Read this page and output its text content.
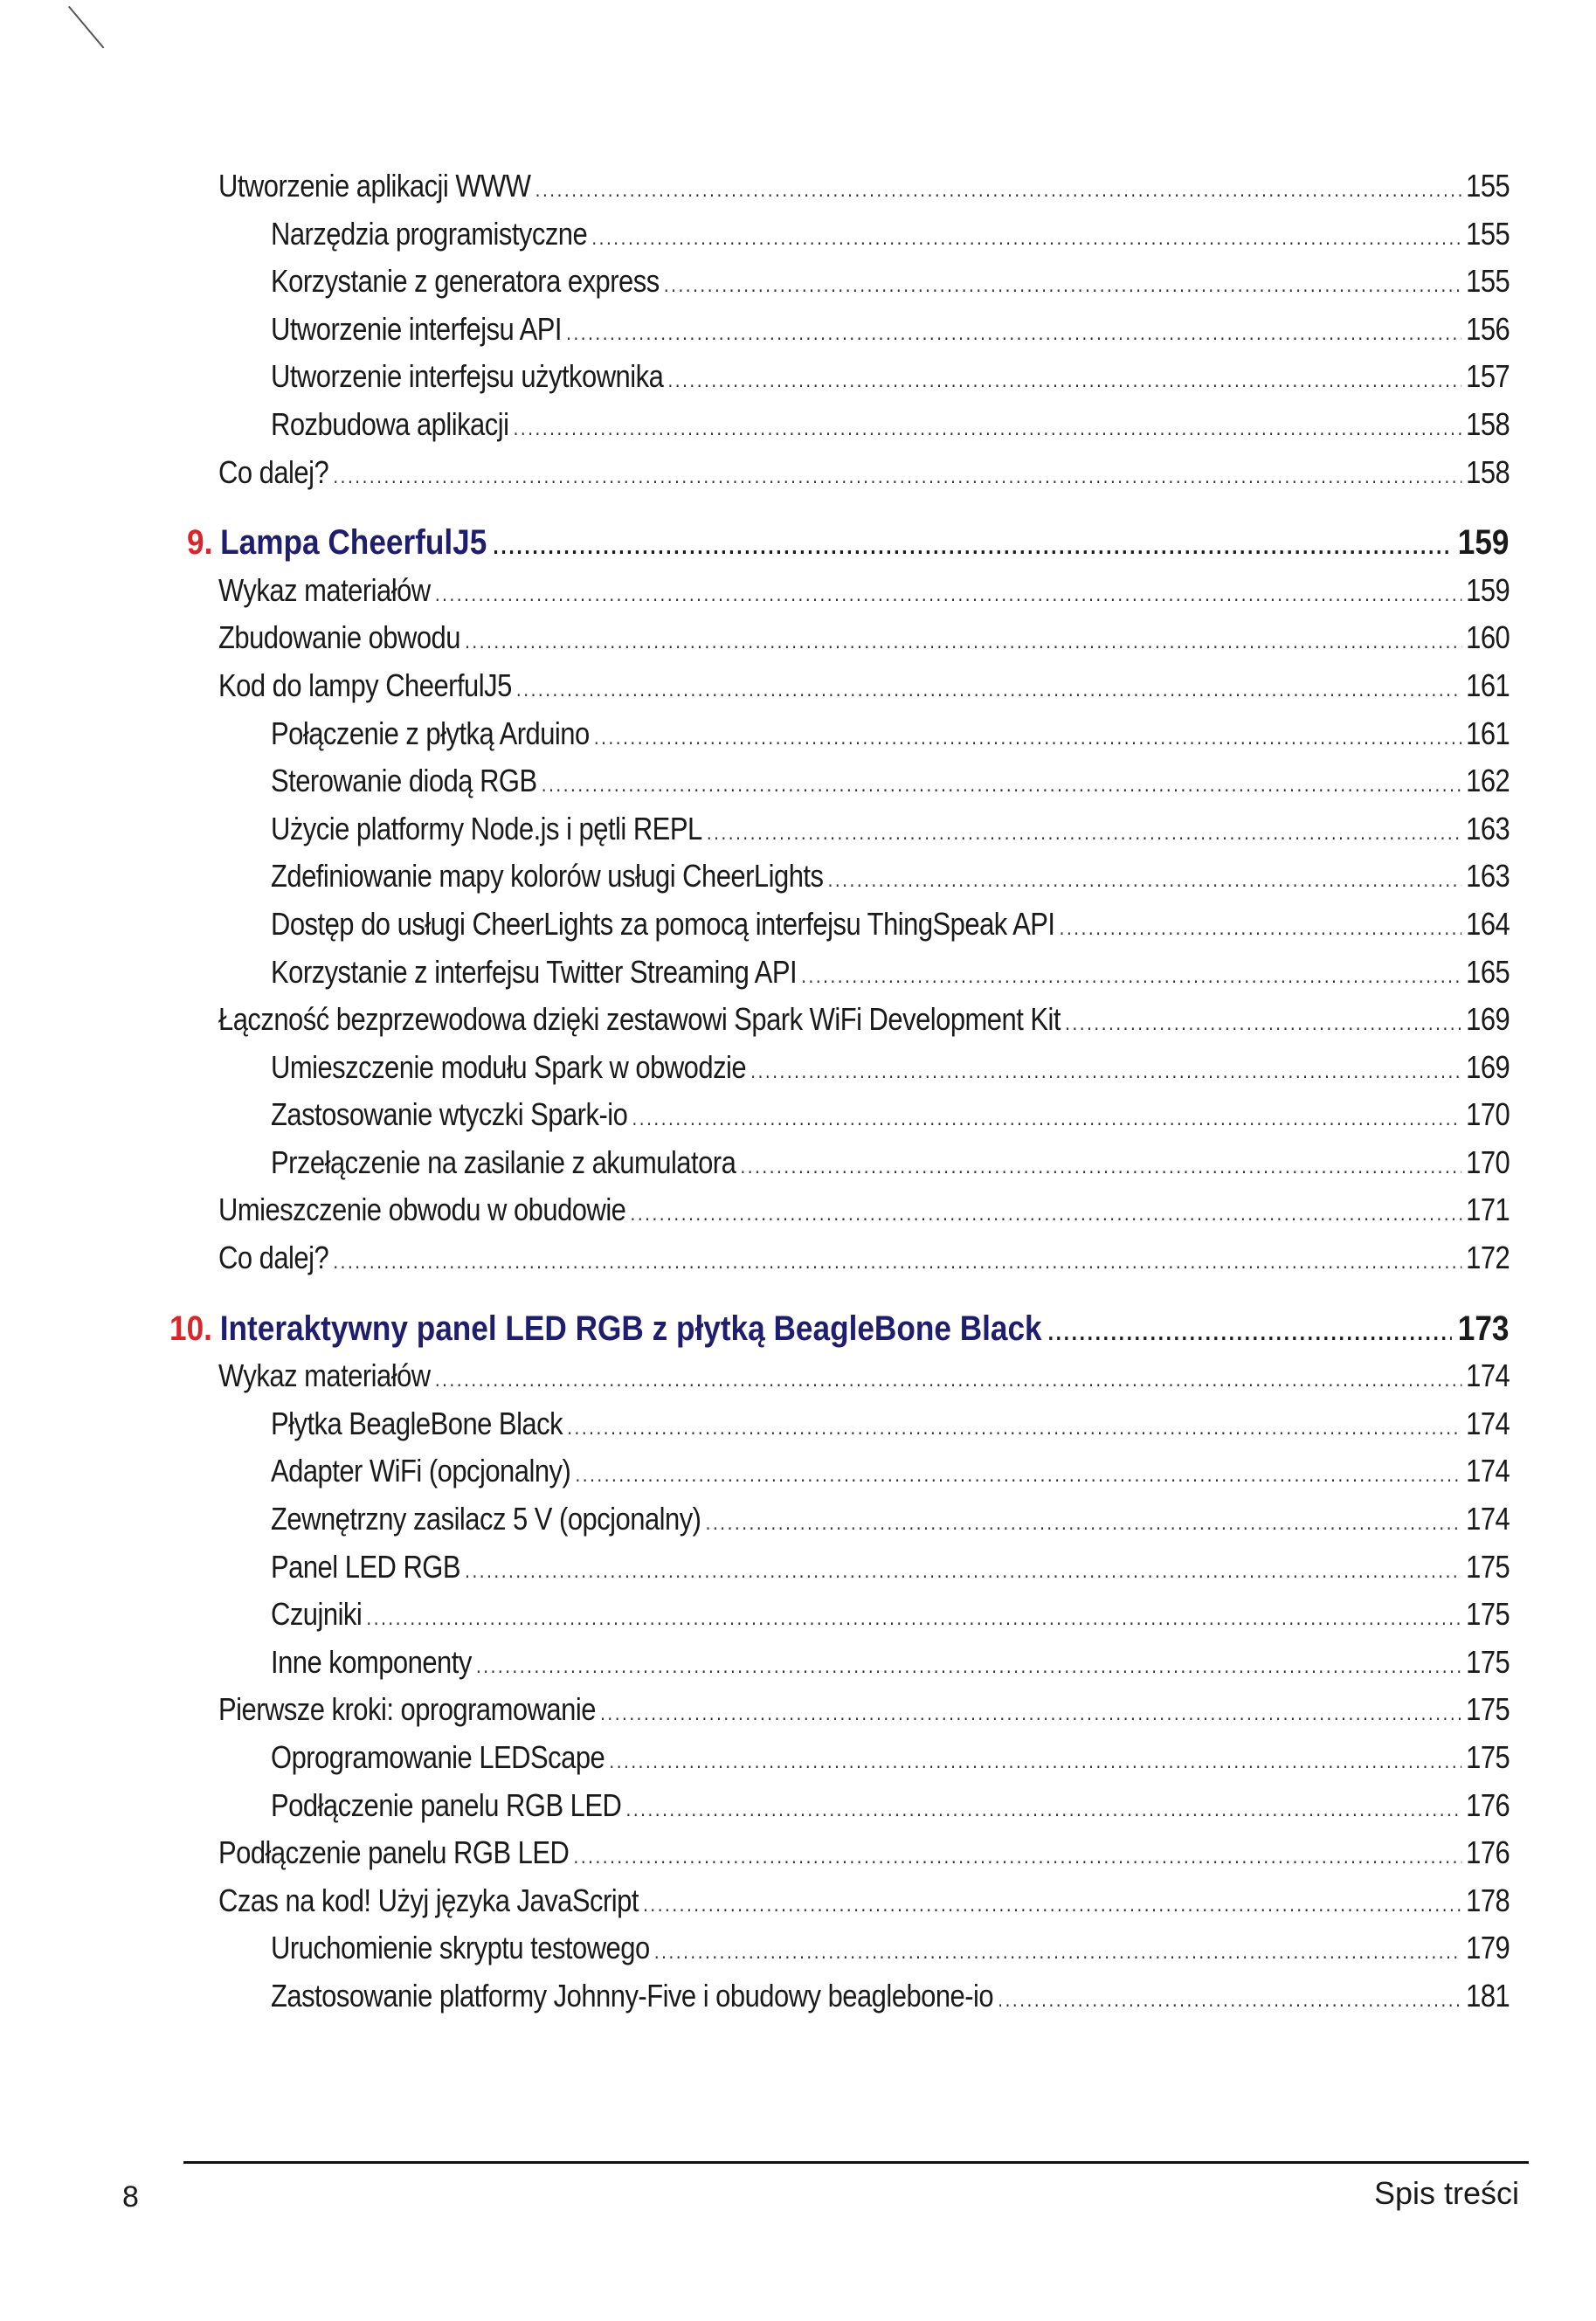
Utworzenie aplikacji WWW .....	155
Narzędzia programistyczne .....	155
Korzystanie z generatora express .....	155
Utworzenie interfejsu API .....	156
Utworzenie interfejsu użytkownika .....	157
Rozbudowa aplikacji .....	158
Co dalej? .....	158
9. Lampa CheerfulJ5 .....	159
Wykaz materiałów .....	159
Zbudowanie obwodu .....	160
Kod do lampy CheerfulJ5 .....	161
Połączenie z płytką Arduino .....	161
Sterowanie diodą RGB .....	162
Użycie platformy Node.js i pętli REPL .....	163
Zdefiniowanie mapy kolorów usługi CheerLights .....	163
Dostęp do usługi CheerLights za pomocą interfejsu ThingSpeak API .....	164
Korzystanie z interfejsu Twitter Streaming API .....	165
Łączność bezprzewodowa dzięki zestawowi Spark WiFi Development Kit .....	169
Umieszczenie modułu Spark w obwodzie .....	169
Zastosowanie wtyczki Spark-io .....	170
Przełączenie na zasilanie z akumulatora .....	170
Umieszczenie obwodu w obudowie .....	171
Co dalej? .....	172
10. Interaktywny panel LED RGB z płytką BeagleBone Black .....	173
Wykaz materiałów .....	174
Płytka BeagleBone Black .....	174
Adapter WiFi (opcjonalny) .....	174
Zewnętrzny zasilacz 5 V (opcjonalny) .....	174
Panel LED RGB .....	175
Czujniki .....	175
Inne komponenty .....	175
Pierwsze kroki: oprogramowanie .....	175
Oprogramowanie LEDScape .....	175
Podłączenie panelu RGB LED .....	176
Podłączenie panelu RGB LED .....	176
Czas na kod! Użyj języka JavaScript .....	178
Uruchomienie skryptu testowego .....	179
Zastosowanie platformy Johnny-Five i obudowy beaglebone-io .....	181
8	Spis treści
